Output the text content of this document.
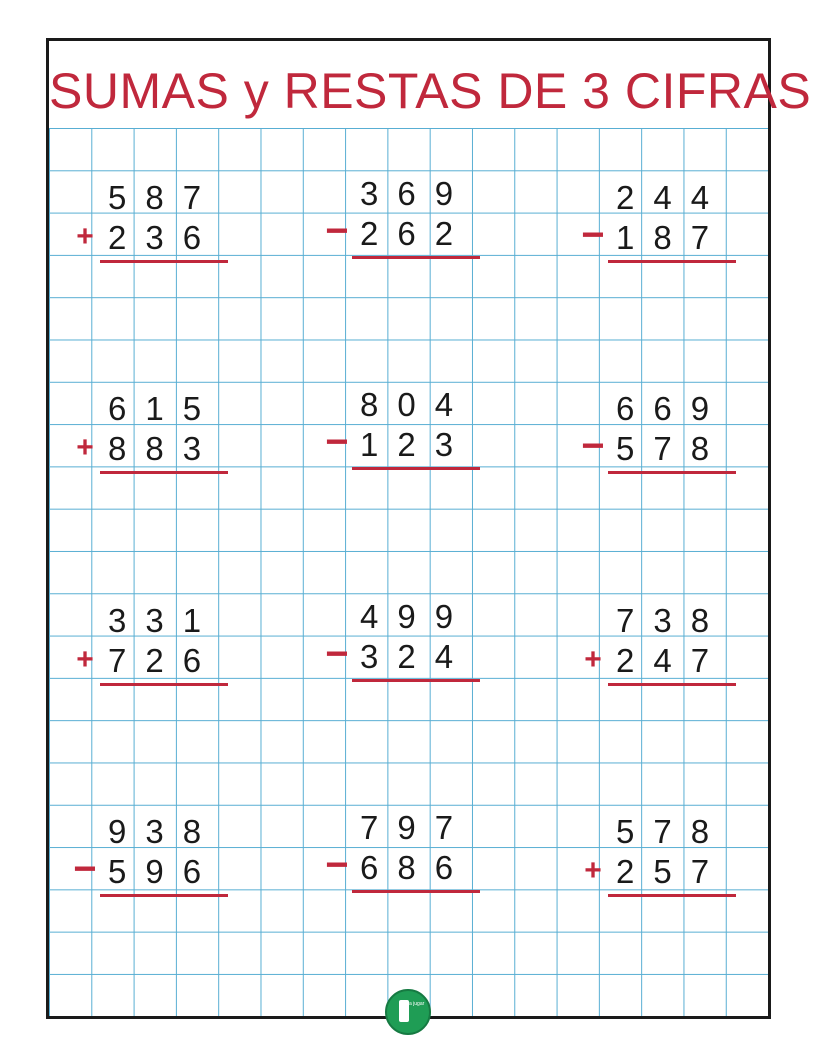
SUMAS y RESTAS DE 3 CIFRAS
587
+ 236
369
− 262
244
− 187
615
+ 883
804
− 123
669
− 578
331
+ 726
499
− 324
738
+ 247
938
− 596
797
− 686
578
+ 257
a jugar
